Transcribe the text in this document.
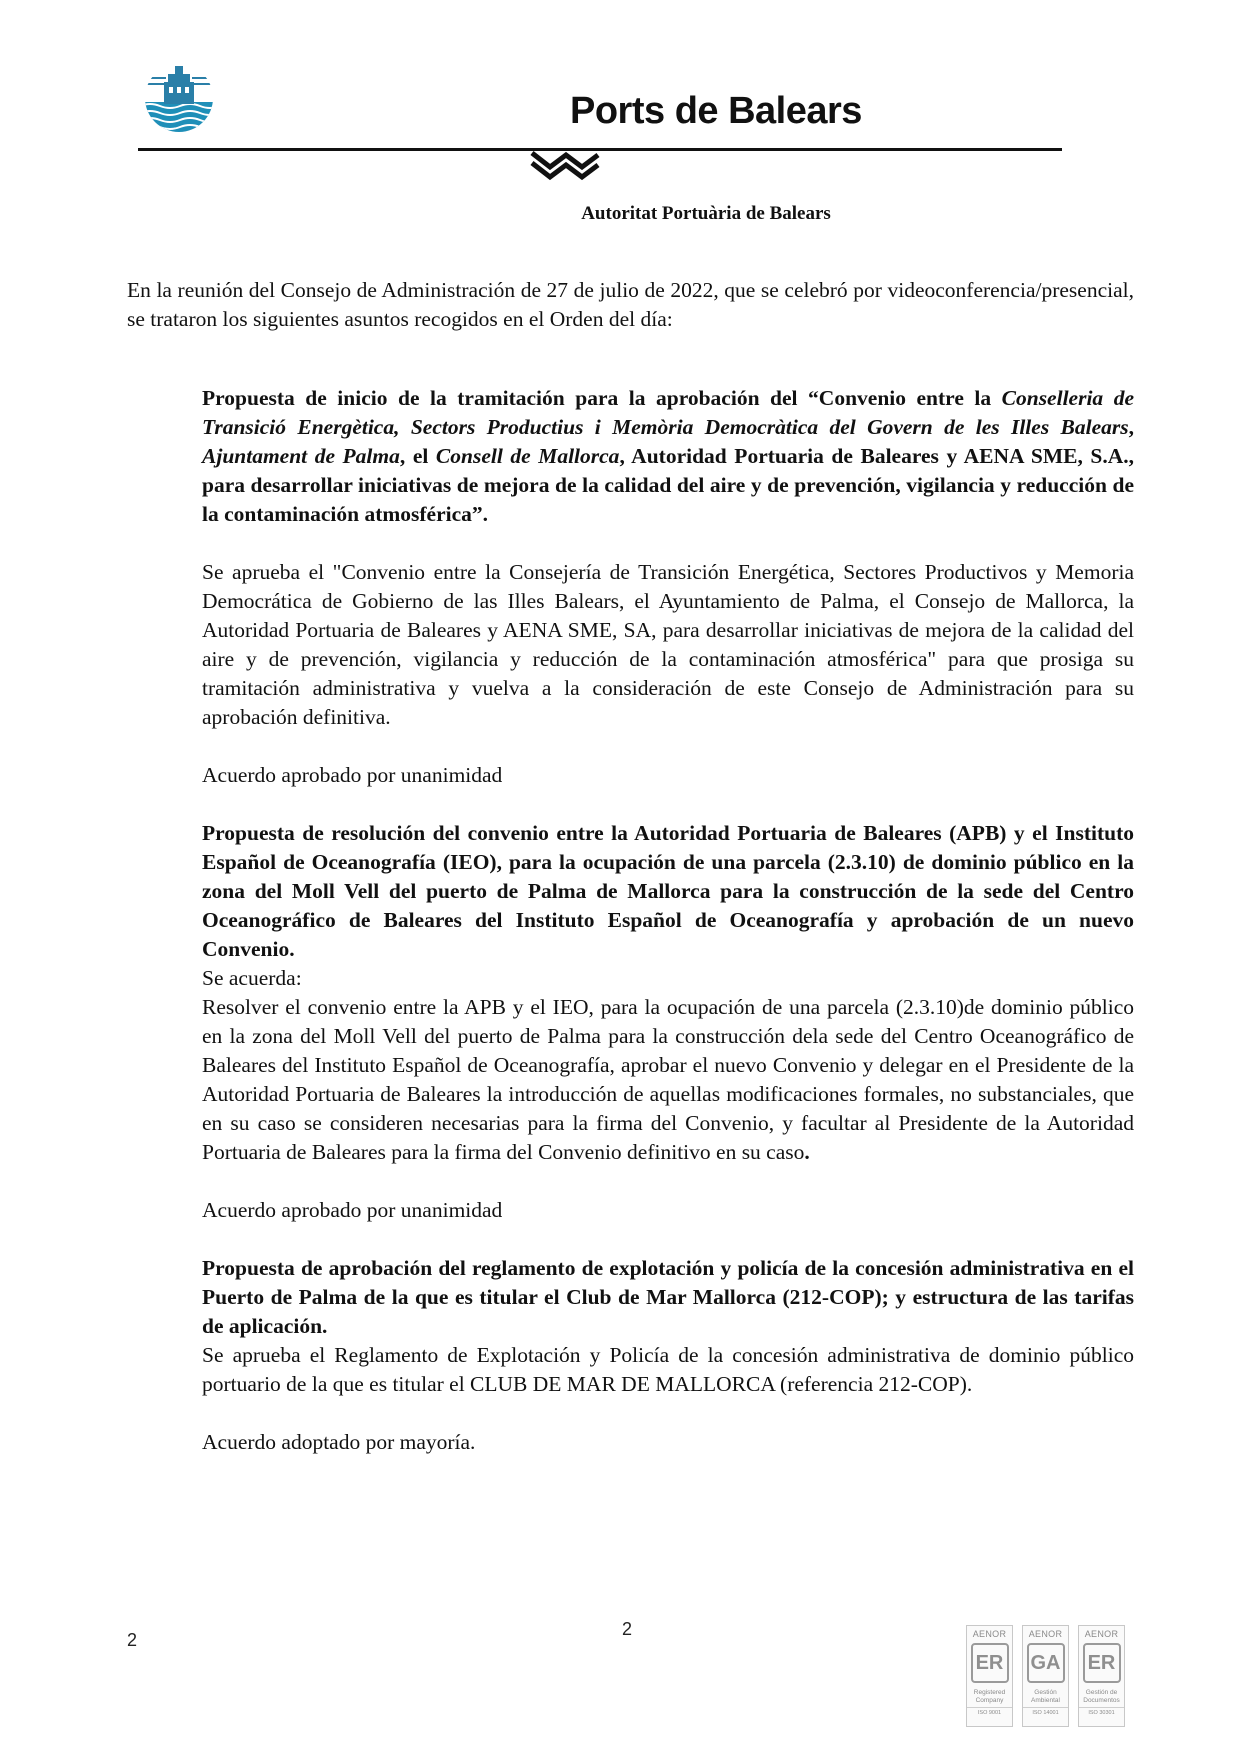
Ports de Balears
Autoritat Portuària de Balears

En la reunión del Consejo de Administración de 27 de julio de 2022, que se celebró por videoconferencia/presencial, se trataron los siguientes asuntos recogidos en el Orden del día:

Propuesta de inicio de la tramitación para la aprobación del “Convenio entre la Conselleria de Transició Energètica, Sectors Productius i Memòria Democràtica del Govern de les Illes Balears, Ajuntament de Palma, el Consell de Mallorca, Autoridad Portuaria de Baleares y AENA SME, S.A., para desarrollar iniciativas de mejora de la calidad del aire y de prevención, vigilancia y reducción de la contaminación atmosférica”.

Se aprueba el "Convenio entre la Consejería de Transición Energética, Sectores Productivos y Memoria Democrática de Gobierno de las Illes Balears, el Ayuntamiento de Palma, el Consejo de Mallorca, la Autoridad Portuaria de Baleares y AENA SME, SA, para desarrollar iniciativas de mejora de la calidad del aire y de prevención, vigilancia y reducción de la contaminación atmosférica" para que prosiga su tramitación administrativa y vuelva a la consideración de este Consejo de Administración para su aprobación definitiva.

Acuerdo aprobado por unanimidad

Propuesta de resolución del convenio entre la Autoridad Portuaria de Baleares (APB) y el Instituto Español de Oceanografía (IEO), para la ocupación de una parcela (2.3.10) de dominio público en la zona del Moll Vell del puerto de Palma de Mallorca para la construcción de la sede del Centro Oceanográfico de Baleares del Instituto Español de Oceanografía y aprobación de un nuevo Convenio.

Se acuerda:

Resolver el convenio entre la APB y el IEO, para la ocupación de una parcela (2.3.10)de dominio público en la zona del Moll Vell del puerto de Palma para la construcción dela sede del Centro Oceanográfico de Baleares del Instituto Español de Oceanografía, aprobar el nuevo Convenio y delegar en el Presidente de la Autoridad Portuaria de Baleares la introducción de aquellas modificaciones formales, no substanciales, que en su caso se consideren necesarias para la firma del Convenio, y facultar al Presidente de la Autoridad Portuaria de Baleares para la firma del Convenio definitivo en su caso.

Acuerdo aprobado por unanimidad

Propuesta de aprobación del reglamento de explotación y policía de la concesión administrativa en el Puerto de Palma de la que es titular el Club de Mar Mallorca (212-COP); y estructura de las tarifas de aplicación.

Se aprueba el Reglamento de Explotación y Policía de la concesión administrativa de dominio público portuario de la que es titular el CLUB DE MAR DE MALLORCA (referencia 212-COP).

Acuerdo adoptado por mayoría.

2
2	AENOR
ER
Registered Company
ISO 9001
AENOR
GA
Gestión Ambiental
ISO 14001
AENOR
ER
Gestión de Documentos
ISO 30301
